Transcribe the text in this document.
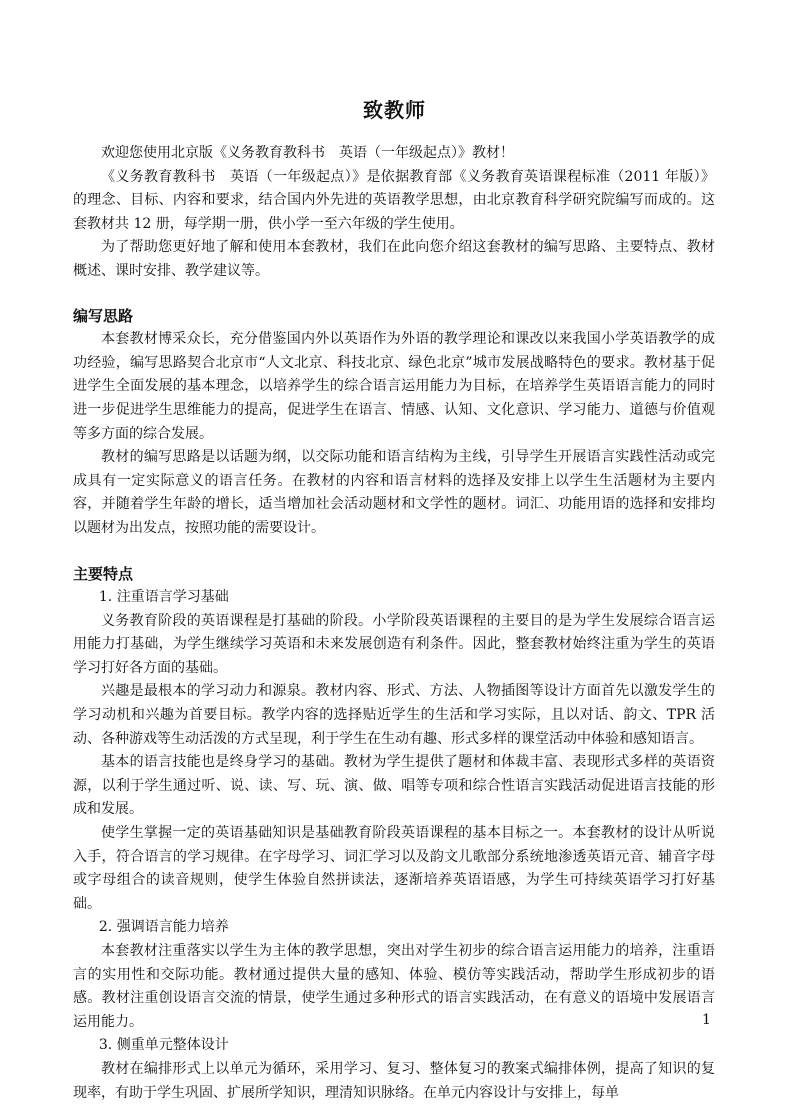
致教师

欢迎您使用北京版《义务教育教科书　英语（一年级起点）》教材！

《义务教育教科书　英语（一年级起点）》是依据教育部《义务教育英语课程标准（2011 年版）》的理念、目标、内容和要求，结合国内外先进的英语教学思想，由北京教育科学研究院编写而成的。这套教材共 12 册，每学期一册，供小学一至六年级的学生使用。

为了帮助您更好地了解和使用本套教材，我们在此向您介绍这套教材的编写思路、主要特点、教材概述、课时安排、教学建议等。

编写思路

本套教材博采众长，充分借鉴国内外以英语作为外语的教学理论和课改以来我国小学英语教学的成功经验，编写思路契合北京市“人文北京、科技北京、绿色北京”城市发展战略特色的要求。教材基于促进学生全面发展的基本理念，以培养学生的综合语言运用能力为目标，在培养学生英语语言能力的同时进一步促进学生思维能力的提高，促进学生在语言、情感、认知、文化意识、学习能力、道德与价值观等多方面的综合发展。

教材的编写思路是以话题为纲，以交际功能和语言结构为主线，引导学生开展语言实践性活动或完成具有一定实际意义的语言任务。在教材的内容和语言材料的选择及安排上以学生生活题材为主要内容，并随着学生年龄的增长，适当增加社会活动题材和文学性的题材。词汇、功能用语的选择和安排均以题材为出发点，按照功能的需要设计。

主要特点

1. 注重语言学习基础

义务教育阶段的英语课程是打基础的阶段。小学阶段英语课程的主要目的是为学生发展综合语言运用能力打基础，为学生继续学习英语和未来发展创造有利条件。因此，整套教材始终注重为学生的英语学习打好各方面的基础。

兴趣是最根本的学习动力和源泉。教材内容、形式、方法、人物插图等设计方面首先以激发学生的学习动机和兴趣为首要目标。教学内容的选择贴近学生的生活和学习实际，且以对话、韵文、TPR 活动、各种游戏等生动活泼的方式呈现，利于学生在生动有趣、形式多样的课堂活动中体验和感知语言。

基本的语言技能也是终身学习的基础。教材为学生提供了题材和体裁丰富、表现形式多样的英语资源，以利于学生通过听、说、读、写、玩、演、做、唱等专项和综合性语言实践活动促进语言技能的形成和发展。

使学生掌握一定的英语基础知识是基础教育阶段英语课程的基本目标之一。本套教材的设计从听说入手，符合语言的学习规律。在字母学习、词汇学习以及韵文儿歌部分系统地渗透英语元音、辅音字母或字母组合的读音规则，使学生体验自然拼读法，逐渐培养英语语感，为学生可持续英语学习打好基础。

2. 强调语言能力培养

本套教材注重落实以学生为主体的教学思想，突出对学生初步的综合语言运用能力的培养，注重语言的实用性和交际功能。教材通过提供大量的感知、体验、模仿等实践活动，帮助学生形成初步的语感。教材注重创设语言交流的情景，使学生通过多种形式的语言实践活动，在有意义的语境中发展语言运用能力。

3. 侧重单元整体设计

教材在编排形式上以单元为循环，采用学习、复习、整体复习的教案式编排体例，提高了知识的复现率，有助于学生巩固、扩展所学知识，理清知识脉络。在单元内容设计与安排上，每单

1
